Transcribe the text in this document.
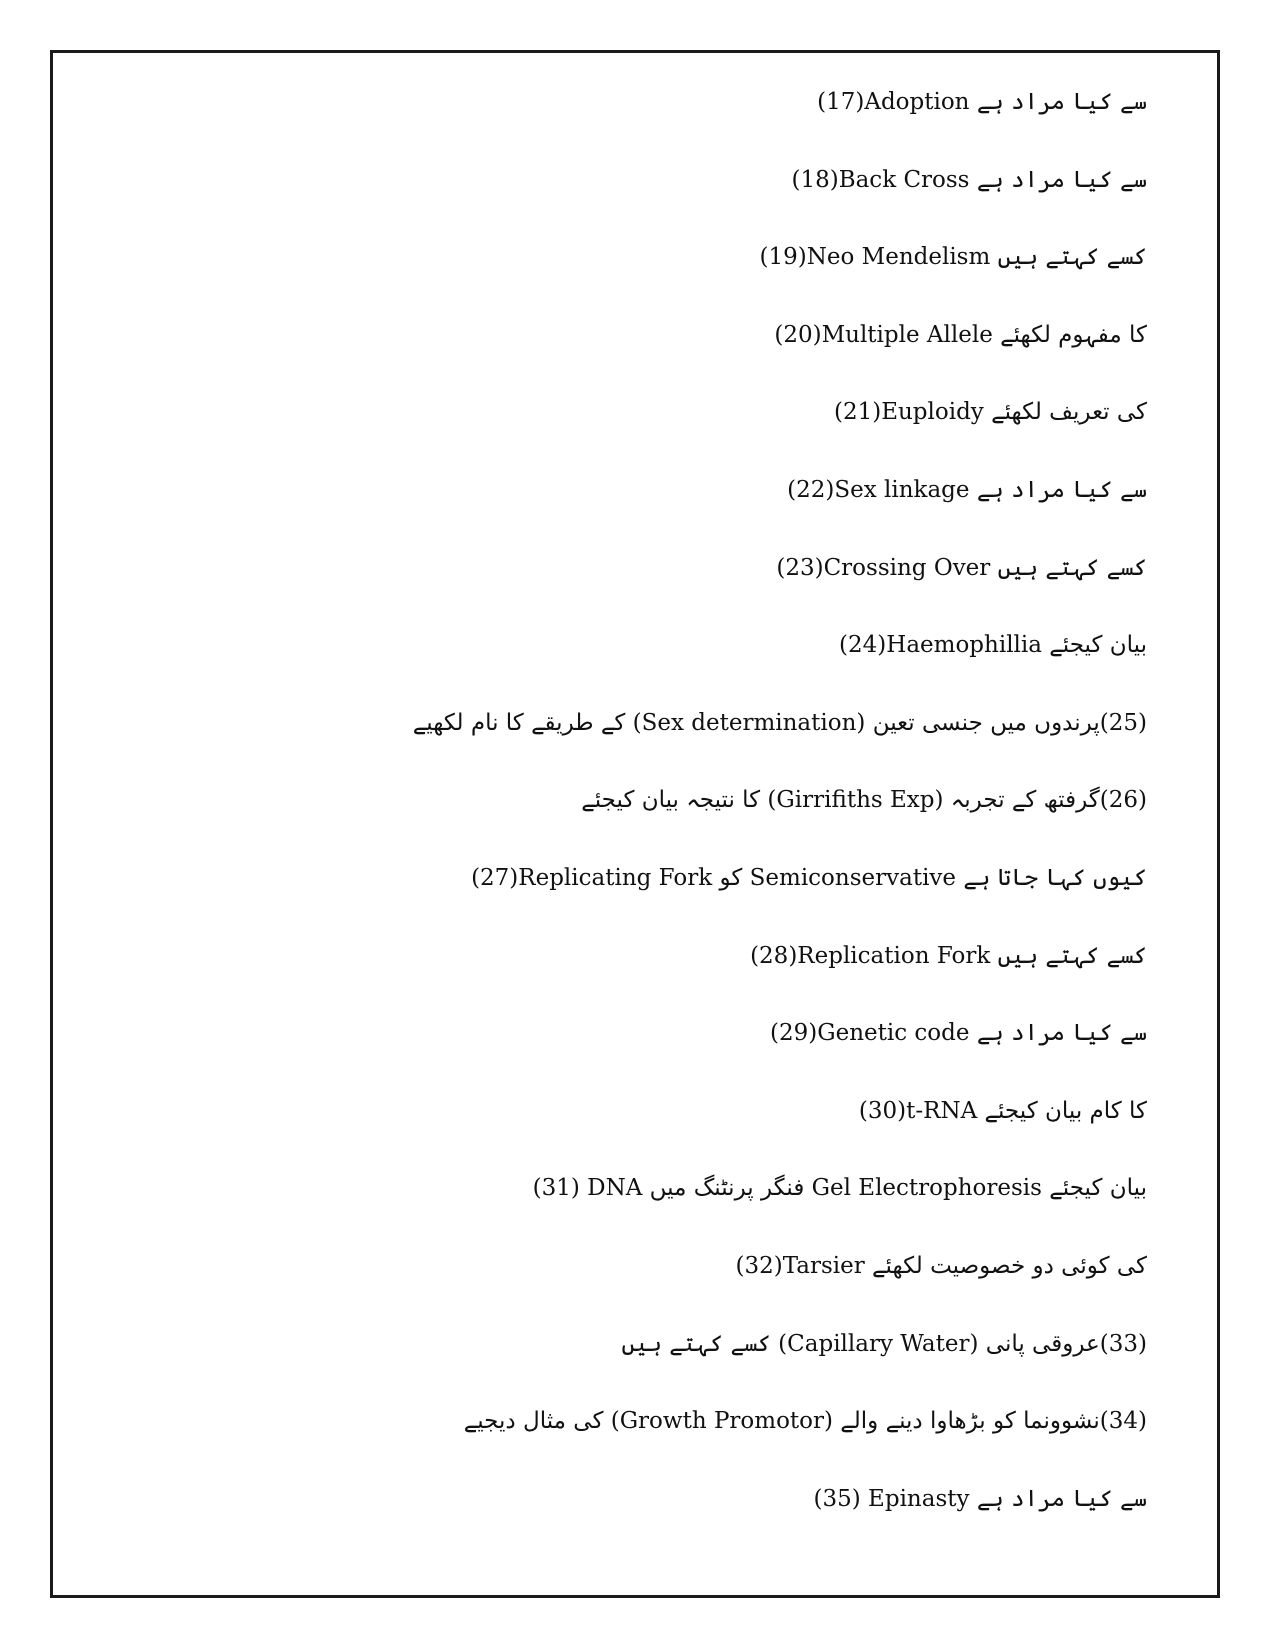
(17)Adoption سے کیا مراد ہے
(18)Back Cross سے کیا مراد ہے
(19)Neo Mendelism کسے کہتے ہیں
(20)Multiple Allele کا مفہوم لکھئے
(21)Euploidy کی تعریف لکھئے
(22)Sex linkage سے کیا مراد ہے
(23)Crossing Over کسے کہتے ہیں
(24)Haemophillia بیان کیجئے
(25)پرندوں میں جنسی تعین (Sex determination) کے طریقے کا نام لکھیے
(26)گرفتھ کے تجربہ (Girrifiths Exp) کا نتیجہ بیان کیجئے
(27)Replicating Fork کو Semiconservative کیوں کہا جاتا ہے
(28)Replication Fork کسے کہتے ہیں
(29)Genetic code سے کیا مراد ہے
(30)t-RNA کا کام بیان کیجئے
(31) DNA فنگر پرنٹنگ میں Gel Electrophoresis بیان کیجئے
(32)Tarsier کی کوئی دو خصوصیت لکھئے
(33)عروقی پانی (Capillary Water) کسے کہتے ہیں
(34)نشوونما کو بڑھاوا دینے والے (Growth Promotor) کی مثال دیجیے
(35) Epinasty سے کیا مراد ہے
